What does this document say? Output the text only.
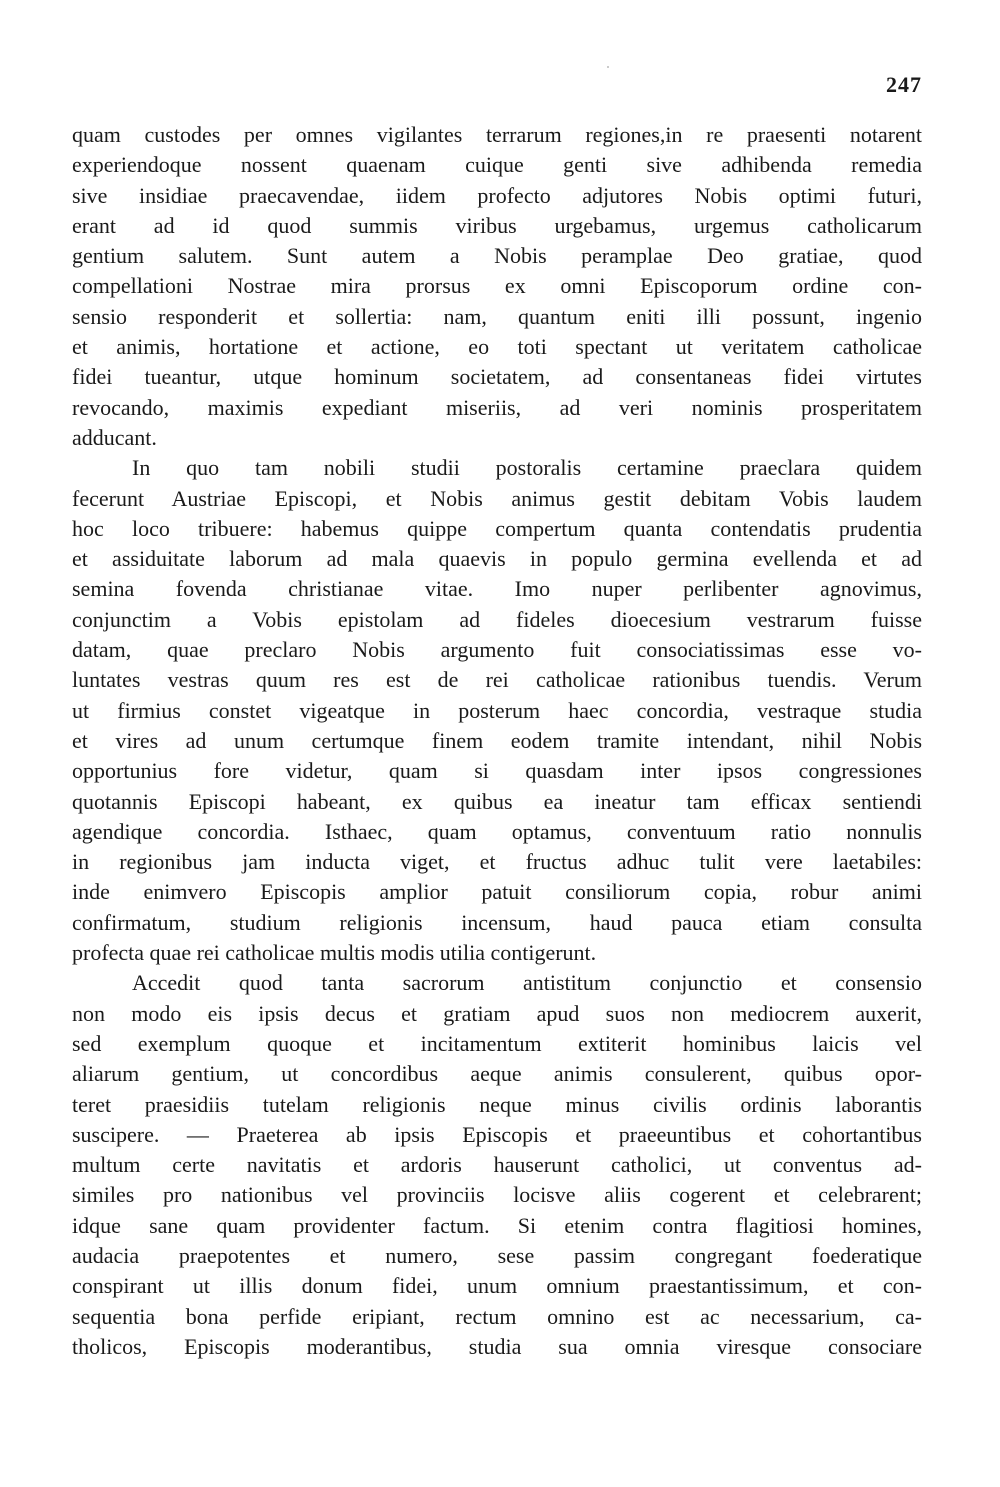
247
quam custodes per omnes vigilantes terrarum regiones,in re praesenti notarent
experiendoque nossent quaenam cuique genti sive adhibenda remedia
sive insidiae praecavendae, iidem profecto adjutores Nobis optimi futuri,
erant ad id quod summis viribus urgebamus, urgemus catholicarum
gentium salutem. Sunt autem a Nobis peramplae Deo gratiae, quod
compellationi Nostrae mira prorsus ex omni Episcoporum ordine con-
sensio responderit et sollertia: nam, quantum eniti illi possunt, ingenio
et animis, hortatione et actione, eo toti spectant ut veritatem catholicae
fidei tueantur, utque hominum societatem, ad consentaneas fidei virtutes
revocando, maximis expediant miseriis, ad veri nominis prosperitatem
adducant.
In quo tam nobili studii postoralis certamine praeclara quidem
fecerunt Austriae Episcopi, et Nobis animus gestit debitam Vobis laudem
hoc loco tribuere: habemus quippe compertum quanta contendatis prudentia
et assiduitate laborum ad mala quaevis in populo germina evellenda et ad
semina fovenda christianae vitae. Imo nuper perlibenter agnovimus,
conjunctim a Vobis epistolam ad fideles dioecesium vestrarum fuisse
datam, quae preclaro Nobis argumento fuit consociatissimas esse vo-
luntates vestras quum res est de rei catholicae rationibus tuendis. Verum
ut firmius constet vigeatque in posterum haec concordia, vestraque studia
et vires ad unum certumque finem eodem tramite intendant, nihil Nobis
opportunius fore videtur, quam si quasdam inter ipsos congressiones
quotannis Episcopi habeant, ex quibus ea ineatur tam efficax sentiendi
agendique concordia. Isthaec, quam optamus, conventuum ratio nonnulis
in regionibus jam inducta viget, et fructus adhuc tulit vere laetabiles:
inde enimvero Episcopis amplior patuit consiliorum copia, robur animi
confirmatum, studium religionis incensum, haud pauca etiam consulta
profecta quae rei catholicae multis modis utilia contigerunt.
Accedit quod tanta sacrorum antistitum conjunctio et consensio
non modo eis ipsis decus et gratiam apud suos non mediocrem auxerit,
sed exemplum quoque et incitamentum extiterit hominibus laicis vel
aliarum gentium, ut concordibus aeque animis consulerent, quibus opor-
teret praesidiis tutelam religionis neque minus civilis ordinis laborantis
suscipere. — Praeterea ab ipsis Episcopis et praeeuntibus et cohortantibus
multum certe navitatis et ardoris hauserunt catholici, ut conventus ad-
similes pro nationibus vel provinciis locisve aliis cogerent et celebrarent;
idque sane quam providenter factum. Si etenim contra flagitiosi homines,
audacia praepotentes et numero, sese passim congregant foederatique
conspirant ut illis donum fidei, unum omnium praestantissimum, et con-
sequentia bona perfide eripiant, rectum omnino est ac necessarium, ca-
tholicos, Episcopis moderantibus, studia sua omnia viresque consociare
